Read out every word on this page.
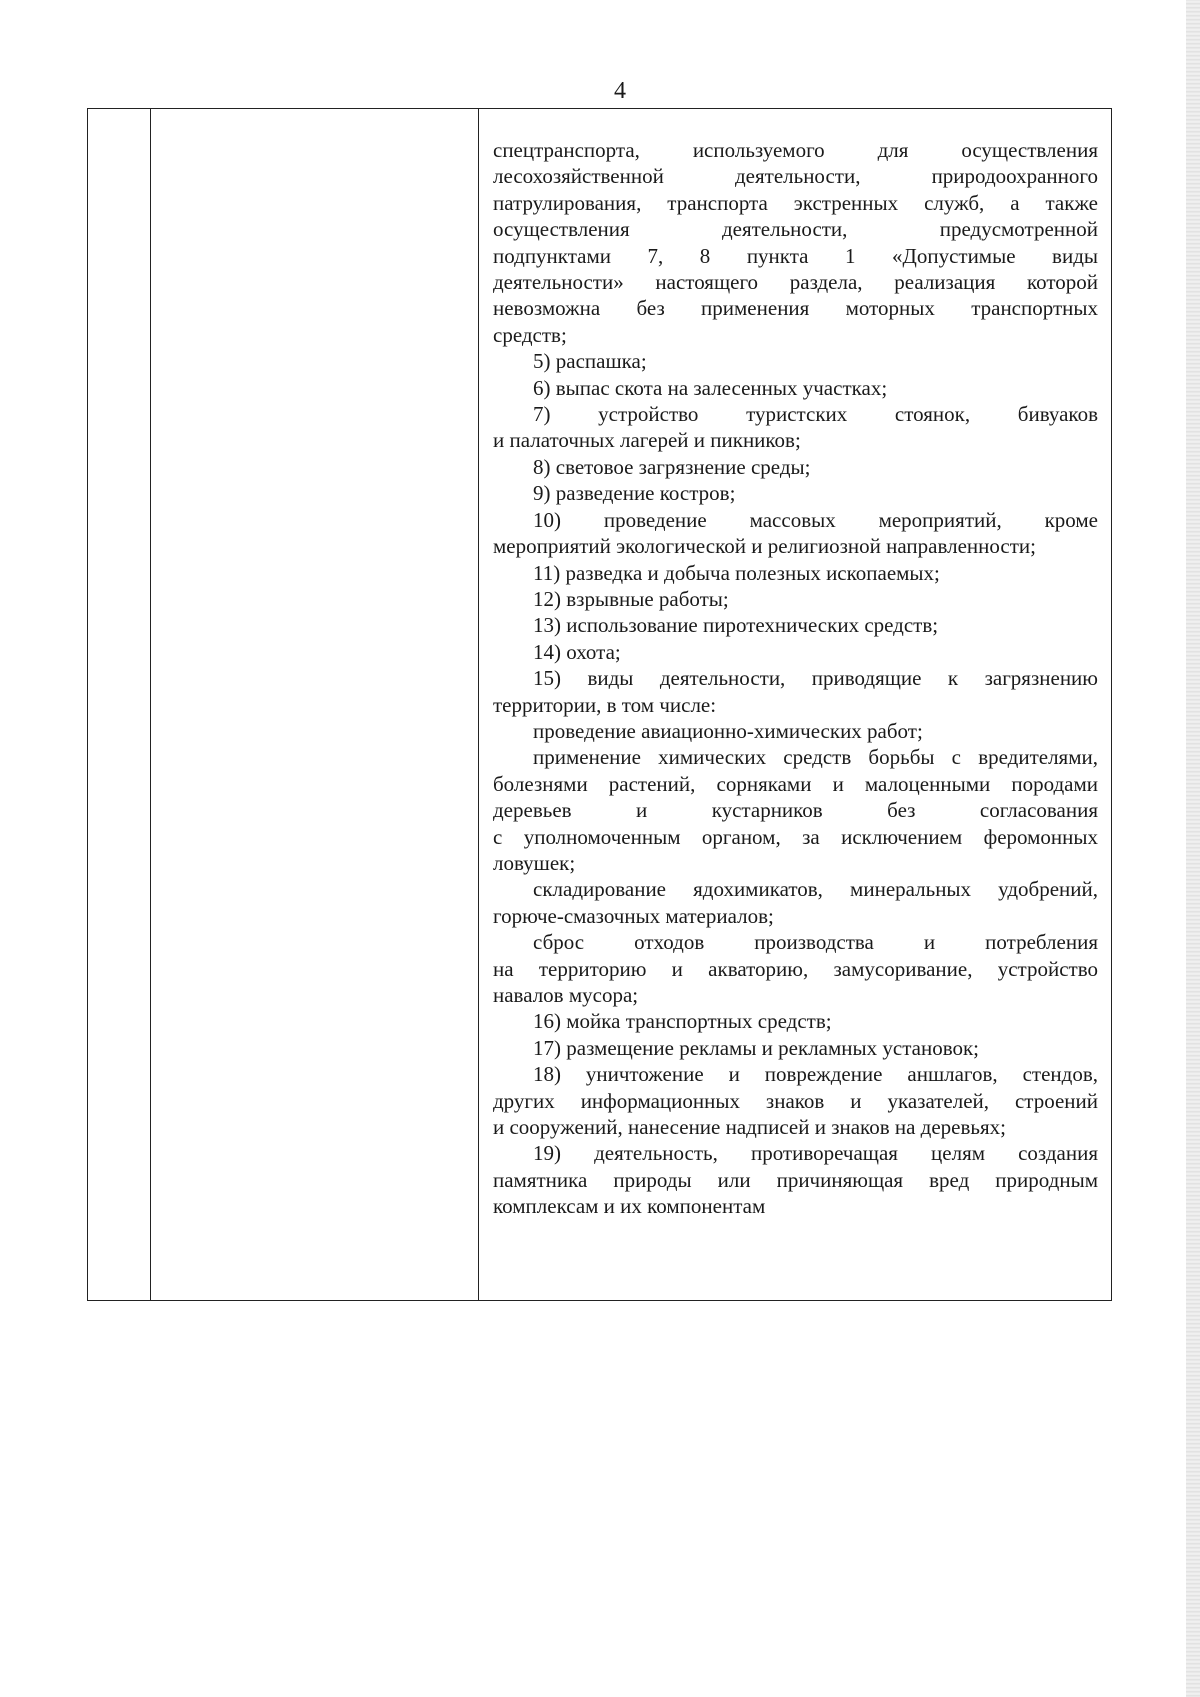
4

спецтранспорта, используемого для осуществления

лесохозяйственной деятельности, природоохранного

патрулирования, транспорта экстренных служб, а также

осуществления деятельности, предусмотренной

подпунктами 7, 8 пункта 1 «Допустимые виды

деятельности» настоящего раздела, реализация которой

невозможна без применения моторных транспортных

средств;

5) распашка;

6) выпас скота на залесенных участках;

7) устройство туристских стоянок, бивуаков

и палаточных лагерей и пикников;

8) световое загрязнение среды;

9) разведение костров;

10) проведение массовых мероприятий, кроме

мероприятий экологической и религиозной направленности;

11) разведка и добыча полезных ископаемых;

12) взрывные работы;

13) использование пиротехнических средств;

14) охота;

15) виды деятельности, приводящие к загрязнению

территории, в том числе:

проведение авиационно-химических работ;

применение химических средств борьбы с вредителями,

болезнями растений, сорняками и малоценными породами

деревьев и кустарников без согласования

с уполномоченным органом, за исключением феромонных

ловушек;

складирование ядохимикатов, минеральных удобрений,

горюче-смазочных материалов;

сброс отходов производства и потребления

на территорию и акваторию, замусоривание, устройство

навалов мусора;

16) мойка транспортных средств;

17) размещение рекламы и рекламных установок;

18) уничтожение и повреждение аншлагов, стендов,

других информационных знаков и указателей, строений

и сооружений, нанесение надписей и знаков на деревьях;

19) деятельность, противоречащая целям создания

памятника природы или причиняющая вред природным

комплексам и их компонентам
